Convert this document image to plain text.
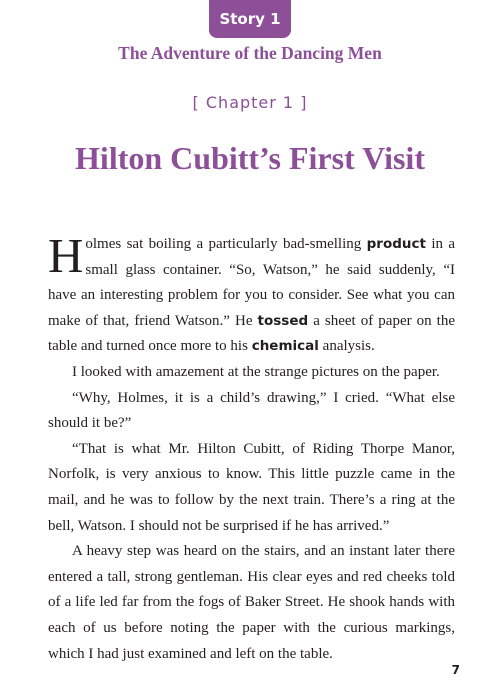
Story 1
The Adventure of the Dancing Men
[ Chapter 1 ]
Hilton Cubitt’s First Visit

Holmes sat boiling a particularly bad-smelling product in a small glass container. “So, Watson,” he said suddenly, “I have an interesting problem for you to consider. See what you can make of that, friend Watson.” He tossed a sheet of paper on the table and turned once more to his chemical analysis.

I looked with amazement at the strange pictures on the paper.

“Why, Holmes, it is a child’s drawing,” I cried. “What else should it be?”

“That is what Mr. Hilton Cubitt, of Riding Thorpe Manor, Norfolk, is very anxious to know. This little puzzle came in the mail, and he was to follow by the next train. There’s a ring at the bell, Watson. I should not be surprised if he has arrived.”

A heavy step was heard on the stairs, and an instant later there entered a tall, strong gentleman. His clear eyes and red cheeks told of a life led far from the fogs of Baker Street. He shook hands with each of us before noting the paper with the curious markings, which I had just examined and left on the table.

7
